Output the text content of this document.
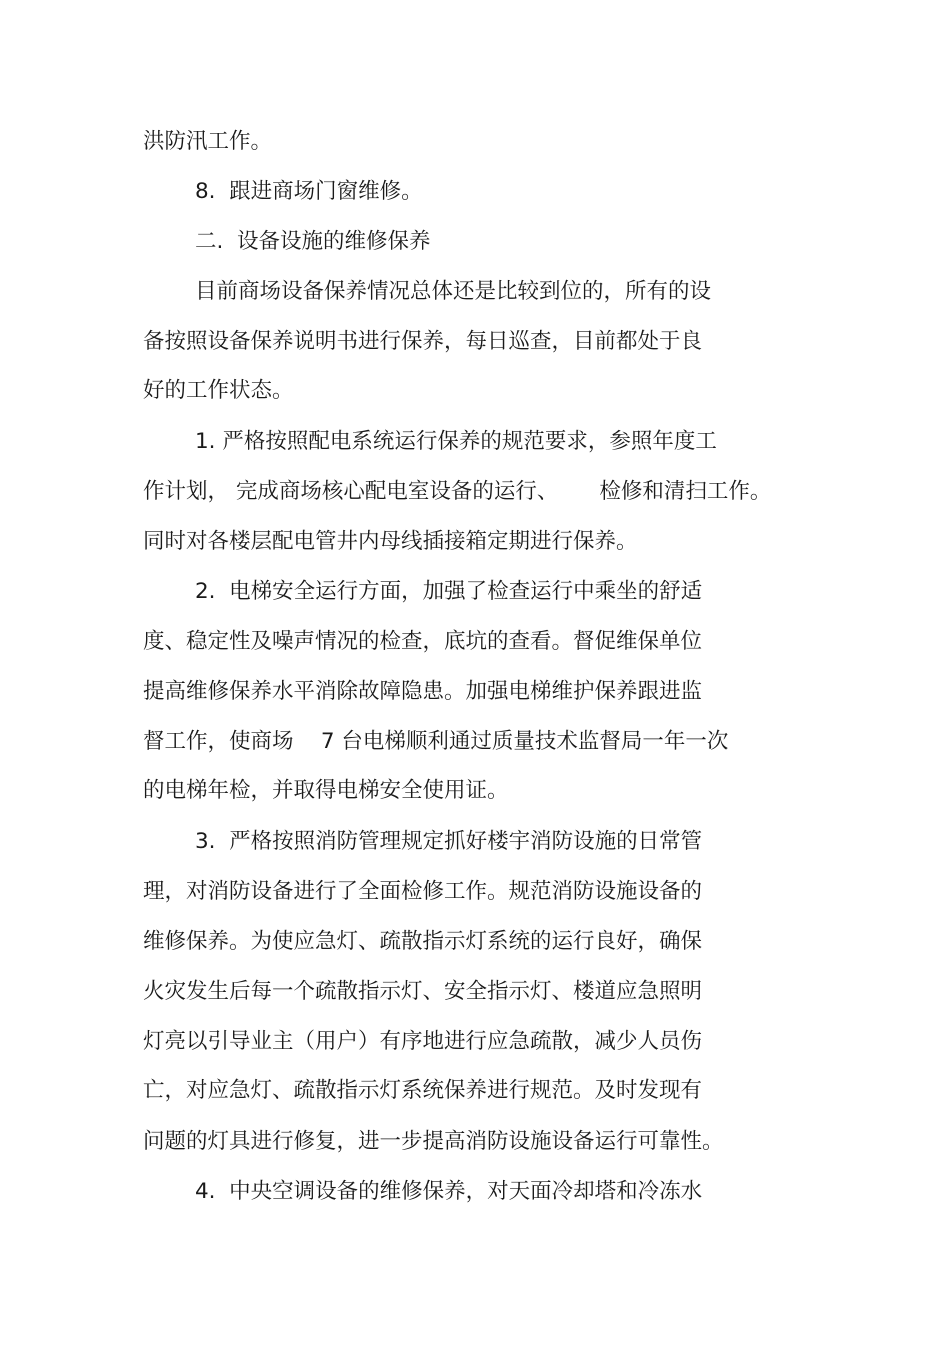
洪防汛工作。
8.  跟进商场门窗维修。
二.  设备设施的维修保养
目前商场设备保养情况总体还是比较到位的，所有的设
备按照设备保养说明书进行保养，每日巡查，目前都处于良
好的工作状态。
1. 严格按照配电系统运行保养的规范要求，参照年度工
作计划， 完成商场核心配电室设备的运行、      检修和清扫工作。
同时对各楼层配电管井内母线插接箱定期进行保养。
2.  电梯安全运行方面，加强了检查运行中乘坐的舒适
度、稳定性及噪声情况的检查，底坑的查看。督促维保单位
提高维修保养水平消除故障隐患。加强电梯维护保养跟进监
督工作，使商场    7 台电梯顺利通过质量技术监督局一年一次
的电梯年检，并取得电梯安全使用证。
3.  严格按照消防管理规定抓好楼宇消防设施的日常管
理，对消防设备进行了全面检修工作。规范消防设施设备的
维修保养。为使应急灯、疏散指示灯系统的运行良好，确保
火灾发生后每一个疏散指示灯、安全指示灯、楼道应急照明
灯亮以引导业主（用户）有序地进行应急疏散，减少人员伤
亡，对应急灯、疏散指示灯系统保养进行规范。及时发现有
问题的灯具进行修复，进一步提高消防设施设备运行可靠性。
4.  中央空调设备的维修保养，对天面冷却塔和冷冻水
